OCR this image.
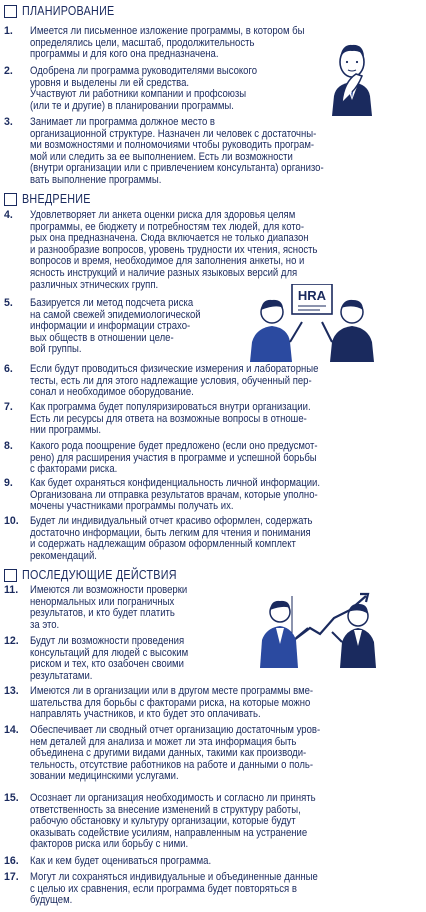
ПЛАНИРОВАНИЕ
1. Имеется ли письменное изложение программы, в котором бы
определялись цели, масштаб, продолжительность
программы и для кого она предназначена.
2. Одобрена ли программа руководителями высокого
уровня и выделены ли ей средства.
Участвуют ли работники компании и профсоюзы
(или те и другие) в планировании программы.
3. Занимает ли программа должное место в
организационной структуре. Назначен ли человек с достаточны-
ми возможностями и полномочиями чтобы руководить програм-
мой или следить за ее выполнением. Есть ли возможности
(внутри организации или с привлечением консультанта) организо-
вать выполнение программы.
ВНЕДРЕНИЕ
4. Удовлетворяет ли анкета оценки риска для здоровья целям
программы, ее бюджету и потребностям тех людей, для кото-
рых она предназначена. Сюда включается не только диапазон
и разнообразие вопросов, уровень трудности их чтения, ясность
вопросов и время, необходимое для заполнения анкеты, но и
ясность инструкций и наличие разных языковых версий для
различных этнических групп.
5. Базируется ли метод подсчета риска
на самой свежей эпидемиологической
информации и информации страхо-
вых обществ в отношении целе-
вой группы.
6. Если будут проводиться физические измерения и лабораторные
тесты, есть ли для этого надлежащие условия, обученный пер-
сонал и необходимое оборудование.
7. Как программа будет популяризироваться внутри организации.
Есть ли ресурсы для ответа на возможные вопросы в отноше-
нии программы.
8. Какого рода поощрение будет предложено (если оно предусмот-
рено) для расширения участия в программе и успешной борьбы
с факторами риска.
9. Как будет охраняться конфиденциальность личной информации.
Организована ли отправка результатов врачам, которые уполно-
мочены участниками программы получать их.
10. Будет ли индивидуальный отчет красиво оформлен, содержать
достаточно информации, быть легким для чтения и понимания
и содержать надлежащим образом оформленный комплект
рекомендаций.
ПОСЛЕДУЮЩИЕ ДЕЙСТВИЯ
11. Имеются ли возможности проверки
ненормальных или пограничных
результатов, и кто будет платить
за это.
12. Будут ли возможности проведения
консультаций для людей с высоким
риском и тех, кто озабочен своими
результатами.
13. Имеются ли в организации или в другом месте программы вме-
шательства для борьбы с факторами риска, на которые можно
направлять участников, и кто будет это оплачивать.
14. Обеспечивает ли сводный отчет организацию достаточным уров-
нем деталей для анализа и может ли эта информация быть
объединена с другими видами данных, такими как производи-
тельность, отсутствие работников на работе и данными о поль-
зовании медицинскими услугами.
15. Осознает ли организация необходимость и согласно ли принять
ответственность за внесение изменений в структуру работы,
рабочую обстановку и культуру организации, которые будут
оказывать содействие усилиям, направленным на устранение
факторов риска или борьбу с ними.
16. Как и кем будет оцениваться программа.
17. Могут ли сохраняться индивидуальные и объединенные данные
с целью их сравнения, если программа будет повторяться в
будущем.
HRA
